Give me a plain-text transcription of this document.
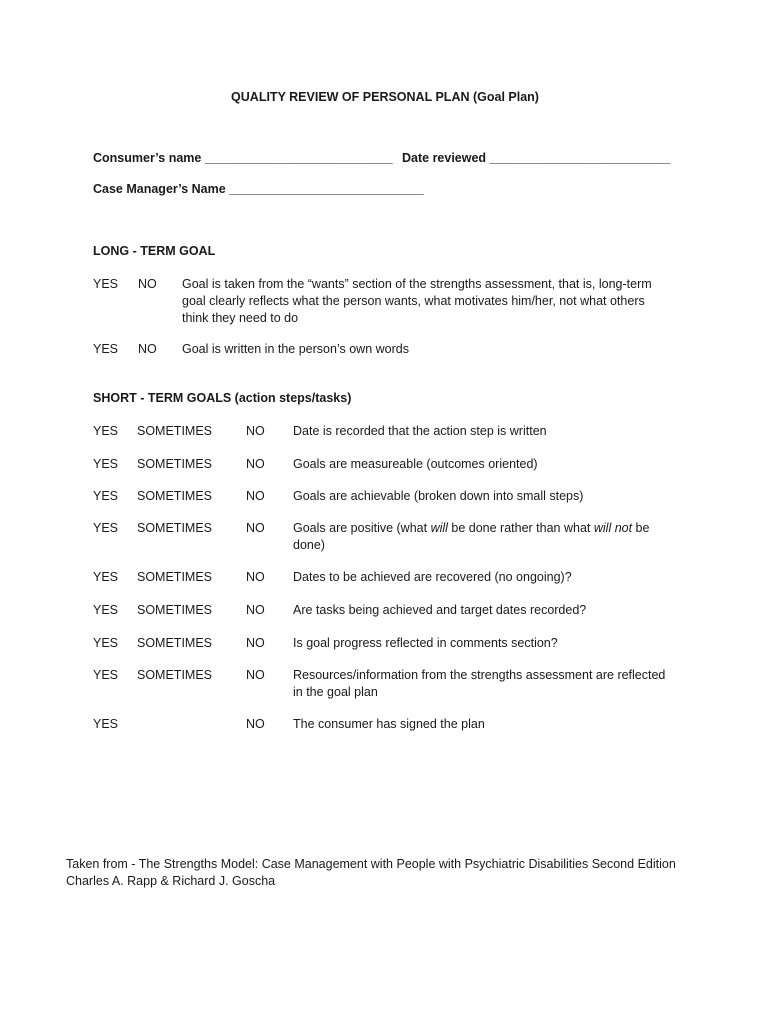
QUALITY REVIEW OF PERSONAL PLAN (Goal Plan)
Consumer’s name ___________________________ Date reviewed __________________________
Case Manager’s Name ____________________________
LONG - TERM GOAL
YES NO Goal is taken from the “wants” section of the strengths assessment, that is, long-term goal clearly reflects what the person wants, what motivates him/her, not what others think they need to do
YES NO Goal is written in the person’s own words
SHORT - TERM GOALS (action steps/tasks)
YES SOMETIMES	NO Date is recorded that the action step is written
YES SOMETIMES	NO Goals are measureable (outcomes oriented)
YES SOMETIMES	NO Goals are achievable (broken down into small steps)
YES SOMETIMES	NO Goals are positive (what will be done rather than what will not be done)
YES SOMETIMES	NO Dates to be achieved are recovered (no ongoing)?
YES SOMETIMES	NO Are tasks being achieved and target dates recorded?
YES SOMETIMES	NO Is goal progress reflected in comments section?
YES SOMETIMES	NO Resources/information from the strengths assessment are reflected in the goal plan
YES	NO The consumer has signed the plan
Taken from - The Strengths Model: Case Management with People with Psychiatric Disabilities Second Edition Charles A. Rapp & Richard J. Goscha
